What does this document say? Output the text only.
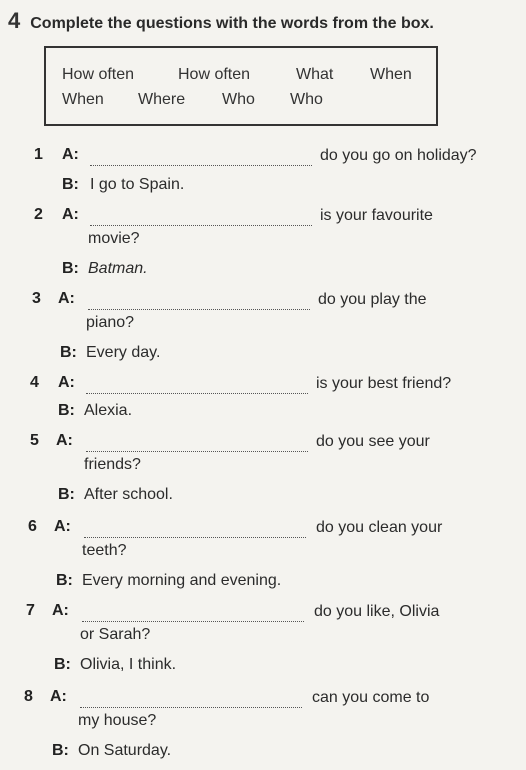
4 Complete the questions with the words from the box.
How often	How often	What When
When Where Who Who
1 A:	do you go on holiday?
B: I go to Spain.
2 A:	is your favourite
movie?
B: Batman.
3 A:	do you play the
piano?
B: Every day.
4 A:	is your best friend?
B: Alexia.
5 A:	do you see your
friends?
B: After school.
6 A:	do you clean your
teeth?
B: Every morning and evening.
7 A:	do you like, Olivia
or Sarah?
B: Olivia, I think.
8 A:	can you come to
my house?
B: On Saturday.
